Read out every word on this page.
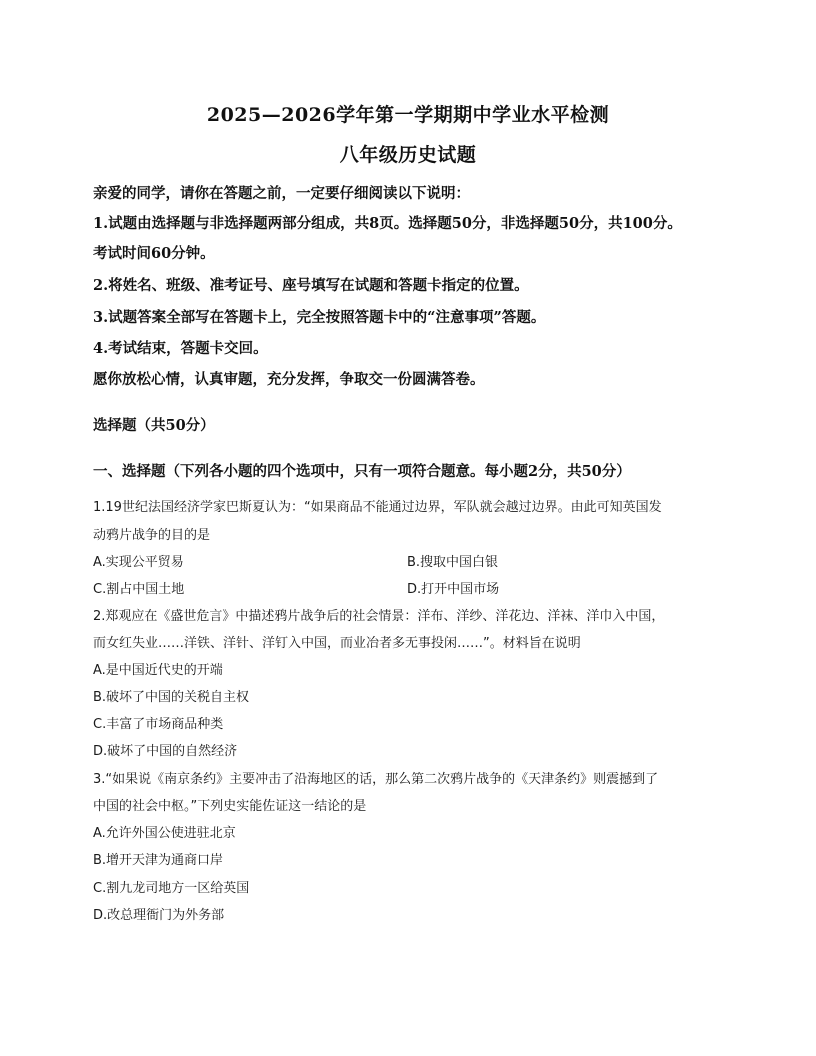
2025—2026学年第一学期期中学业水平检测
八年级历史试题
亲爱的同学，请你在答题之前，一定要仔细阅读以下说明：
1.试题由选择题与非选择题两部分组成，共8页。选择题50分，非选择题50分，共100分。
考试时间60分钟。
2.将姓名、班级、准考证号、座号填写在试题和答题卡指定的位置。
3.试题答案全部写在答题卡上，完全按照答题卡中的“注意事项”答题。
4.考试结束，答题卡交回。
愿你放松心情，认真审题，充分发挥，争取交一份圆满答卷。
选择题（共50分）
一、选择题（下列各小题的四个选项中，只有一项符合题意。每小题2分，共50分）
1.19世纪法国经济学家巴斯夏认为：“如果商品不能通过边界，军队就会越过边界。由此可知英国发
动鸦片战争的目的是
A.实现公平贸易	B.搜取中国白银
C.割占中国土地	D.打开中国市场
2.郑观应在《盛世危言》中描述鸦片战争后的社会情景：洋布、洋纱、洋花边、洋袜、洋巾入中国，
而女红失业……洋铁、洋针、洋钉入中国，而业冶者多无事投闲……”。材料旨在说明
A.是中国近代史的开端
B.破坏了中国的关税自主权
C.丰富了市场商品种类
D.破坏了中国的自然经济
3.“如果说《南京条约》主要冲击了沿海地区的话，那么第二次鸦片战争的《天津条约》则震撼到了
中国的社会中枢。”下列史实能佐证这一结论的是
A.允许外国公使进驻北京
B.增开天津为通商口岸
C.割九龙司地方一区给英国
D.改总理衙门为外务部
